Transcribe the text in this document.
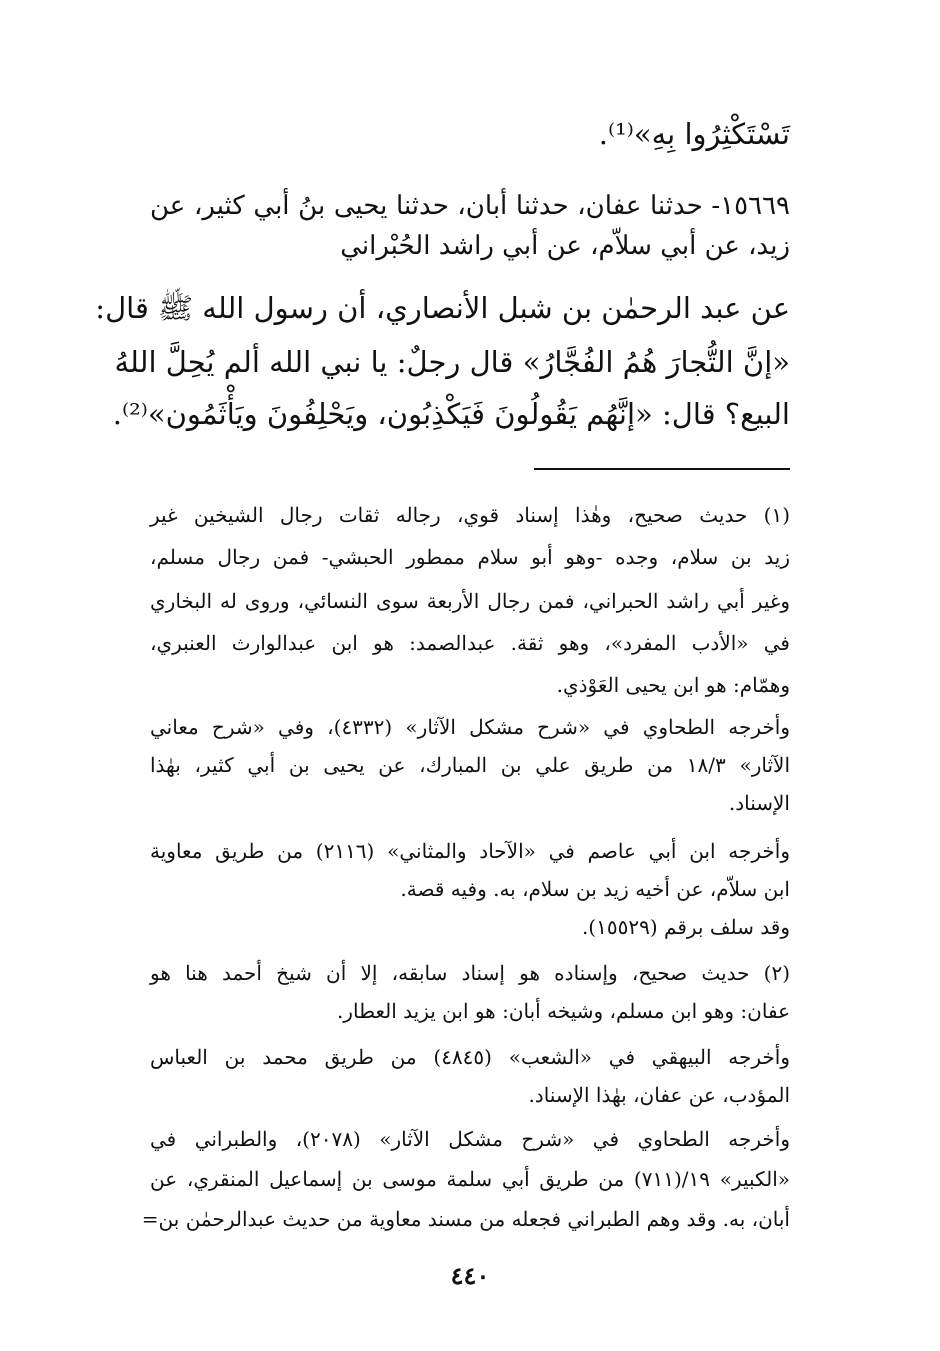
تَسْتَكْثِرُوا بِهِ»⁽¹⁾.
١٥٦٦٩- حدثنا عفان، حدثنا أبان، حدثنا يحيى بنُ أبي كثير، عن
زيد، عن أبي سلاّم، عن أبي راشد الحُبْراني
عن عبد الرحمٰن بن شبل الأنصاري، أن رسول الله ﷺ قال:
«إنَّ التُّجارَ هُمُ الفُجَّارُ» قال رجلٌ: يا نبي الله ألم يُحِلَّ اللهُ
البيع؟ قال: «إنَّهُم يَقُولُونَ فَيَكْذِبُون، ويَحْلِفُونَ ويَأْثَمُون»⁽²⁾.
(١) حديث صحيح، وهٰذا إسناد قوي، رجاله ثقات رجال الشيخين غير
زيد بن سلام، وجده -وهو أبو سلام ممطور الحبشي- فمن رجال مسلم،
وغير أبي راشد الحبراني، فمن رجال الأربعة سوى النسائي، وروى له البخاري
في «الأدب المفرد»، وهو ثقة. عبدالصمد: هو ابن عبدالوارث العنبري،
وهمّام: هو ابن يحيى العَوْذي.
وأخرجه الطحاوي في «شرح مشكل الآثار» (٤٣٣٢)، وفي «شرح معاني
الآثار» ١٨/٣ من طريق علي بن المبارك، عن يحيى بن أبي كثير، بهٰذا
الإسناد.
وأخرجه ابن أبي عاصم في «الآحاد والمثاني» (٢١١٦) من طريق معاوية
ابن سلاّم، عن أخيه زيد بن سلام، به. وفيه قصة.
وقد سلف برقم (١٥٥٢٩).
(٢) حديث صحيح، وإسناده هو إسناد سابقه، إلا أن شيخ أحمد هنا هو
عفان: وهو ابن مسلم، وشيخه أبان: هو ابن يزيد العطار.
وأخرجه البيهقي في «الشعب» (٤٨٤٥) من طريق محمد بن العباس
المؤدب، عن عفان، بهٰذا الإسناد.
وأخرجه الطحاوي في «شرح مشكل الآثار» (٢٠٧٨)، والطبراني في
«الكبير» ١٩/(٧١١) من طريق أبي سلمة موسى بن إسماعيل المنقري، عن
أبان، به. وقد وهم الطبراني فجعله من مسند معاوية من حديث عبدالرحمٰن بن=
٤٤٠
